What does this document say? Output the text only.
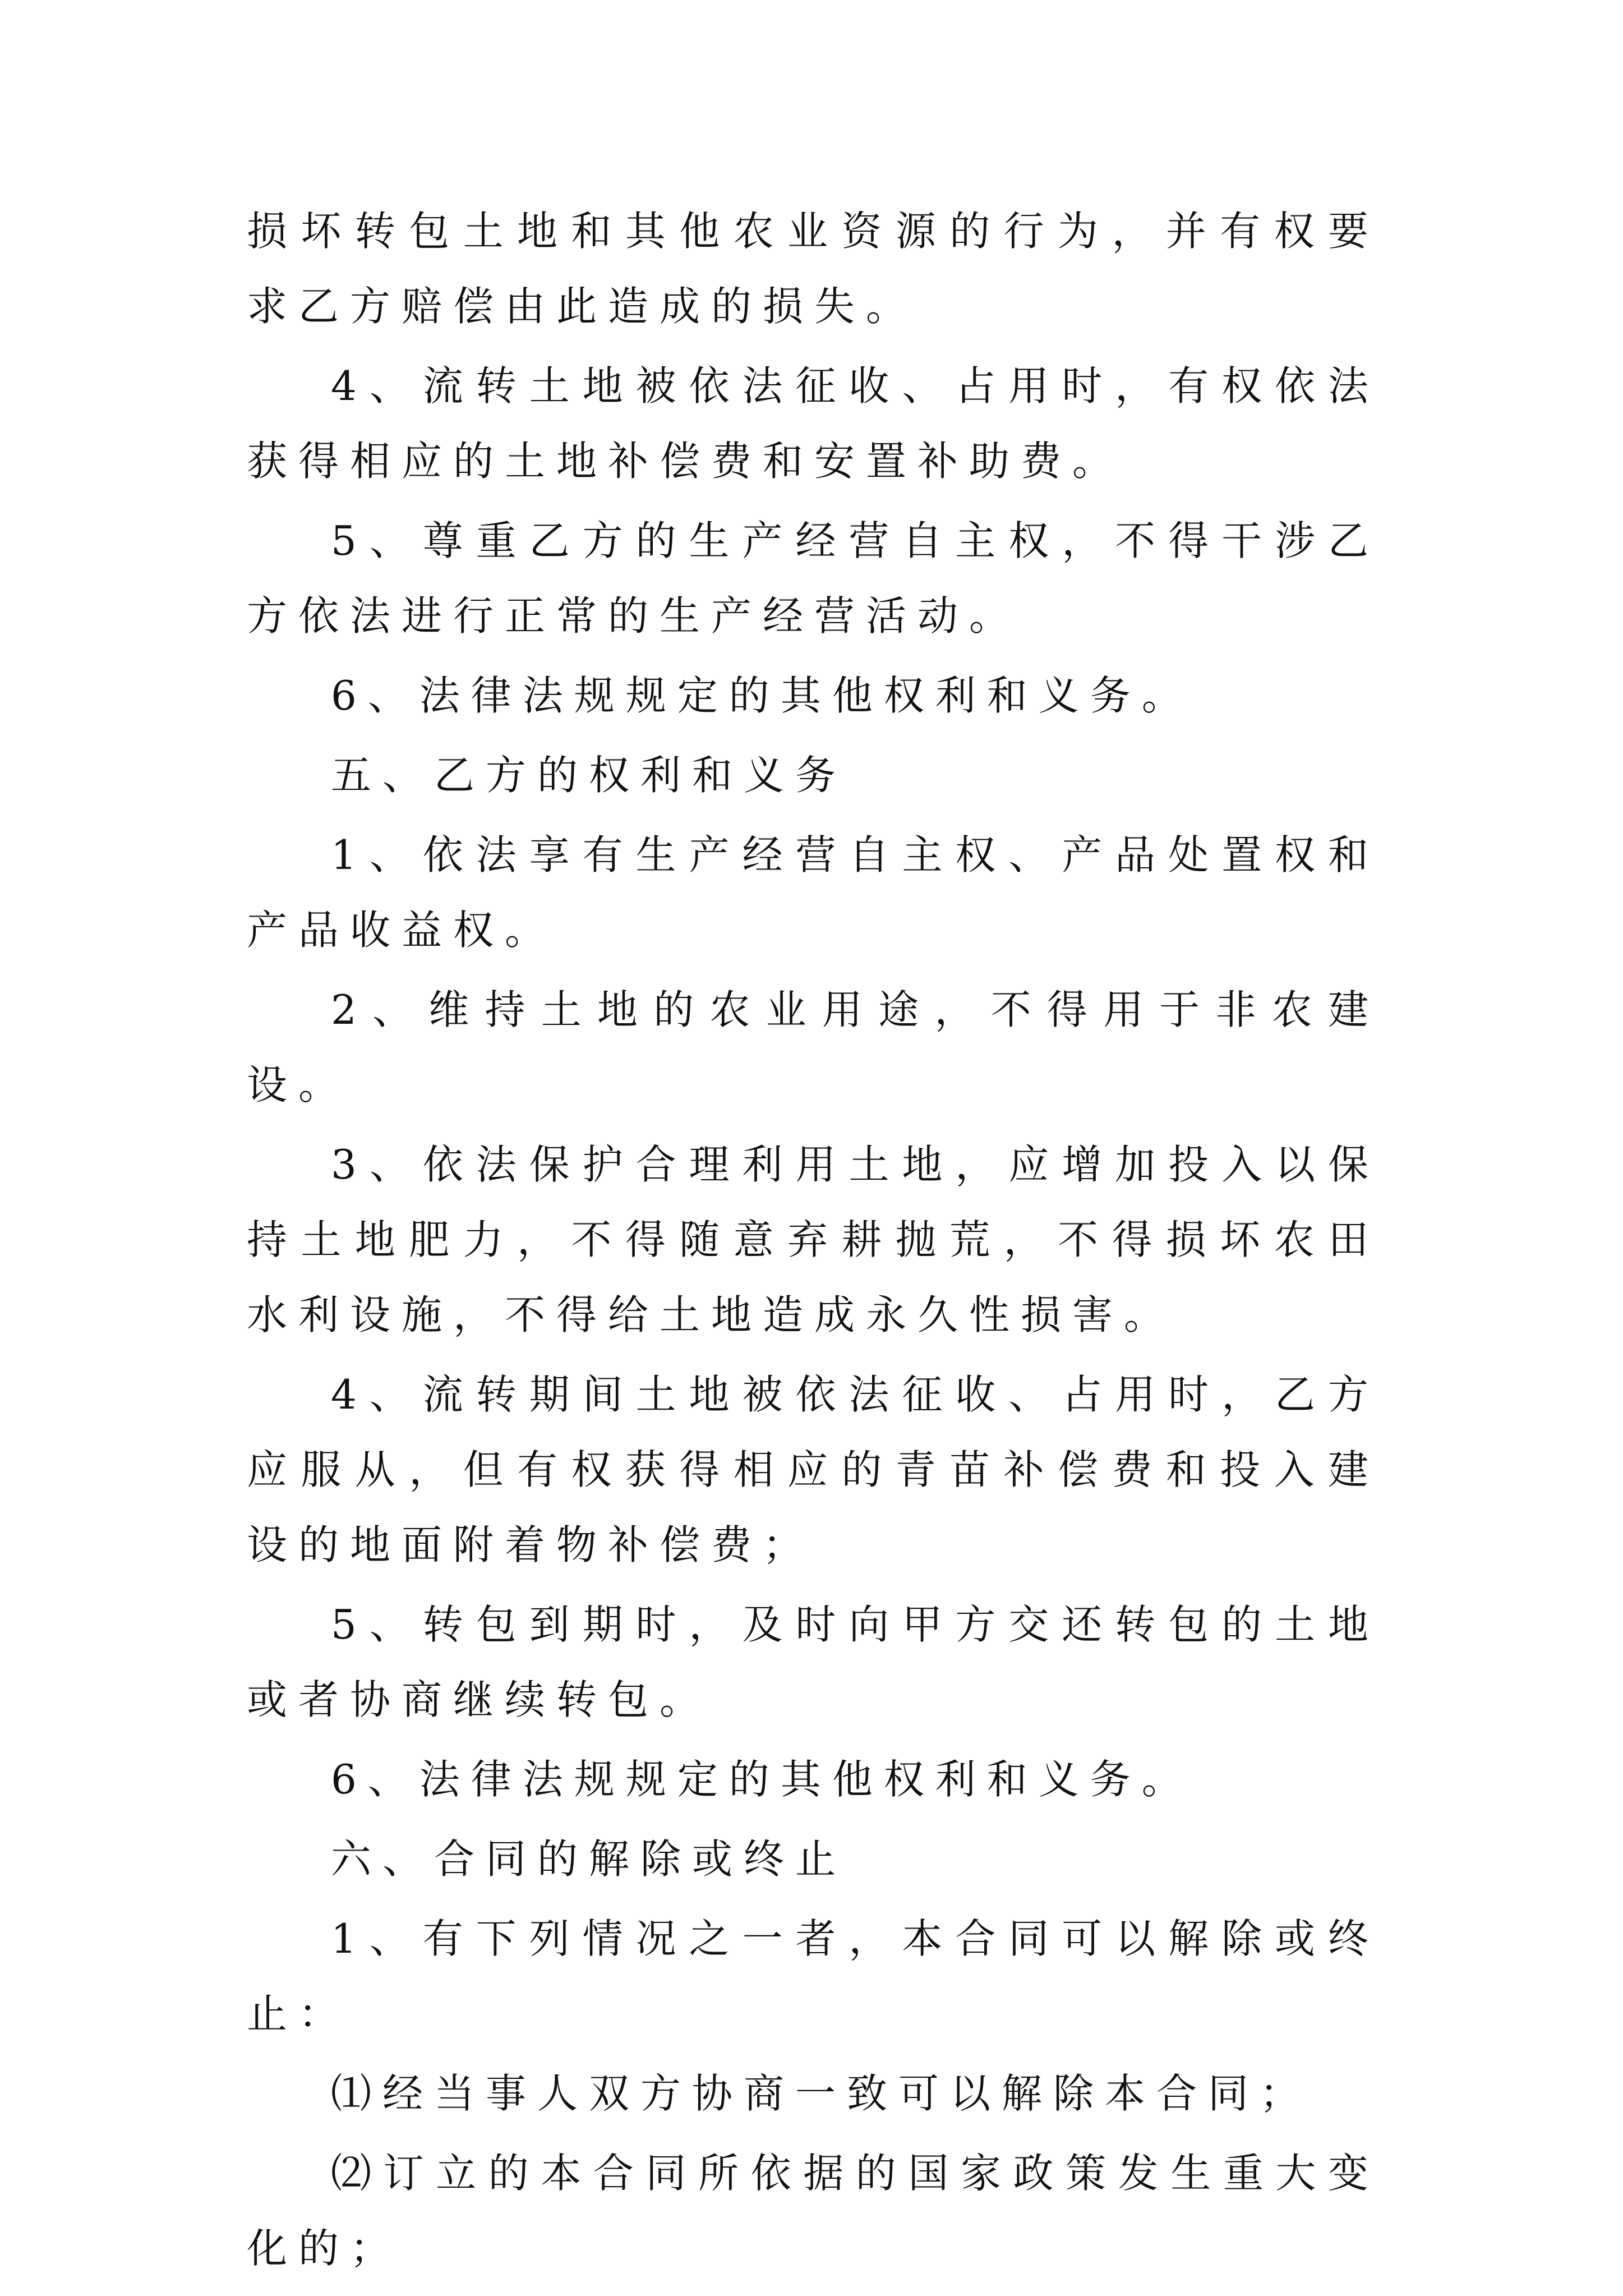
损坏转包土地和其他农业资源的行为，并有权要求乙方赔偿由此造成的损失。

4、流转土地被依法征收、占用时，有权依法获得相应的土地补偿费和安置补助费。

5、尊重乙方的生产经营自主权，不得干涉乙方依法进行正常的生产经营活动。

6、法律法规规定的其他权利和义务。

五、乙方的权利和义务

1、依法享有生产经营自主权、产品处置权和产品收益权。

2、维持土地的农业用途，不得用于非农建设。

3、依法保护合理利用土地，应增加投入以保持土地肥力，不得随意弃耕抛荒，不得损坏农田水利设施，不得给土地造成永久性损害。

4、流转期间土地被依法征收、占用时，乙方应服从，但有权获得相应的青苗补偿费和投入建设的地面附着物补偿费；

5、转包到期时，及时向甲方交还转包的土地或者协商继续转包。

6、法律法规规定的其他权利和义务。

六、合同的解除或终止

1、有下列情况之一者，本合同可以解除或终止：

⑴经当事人双方协商一致可以解除本合同；

⑵订立的本合同所依据的国家政策发生重大变化的；
